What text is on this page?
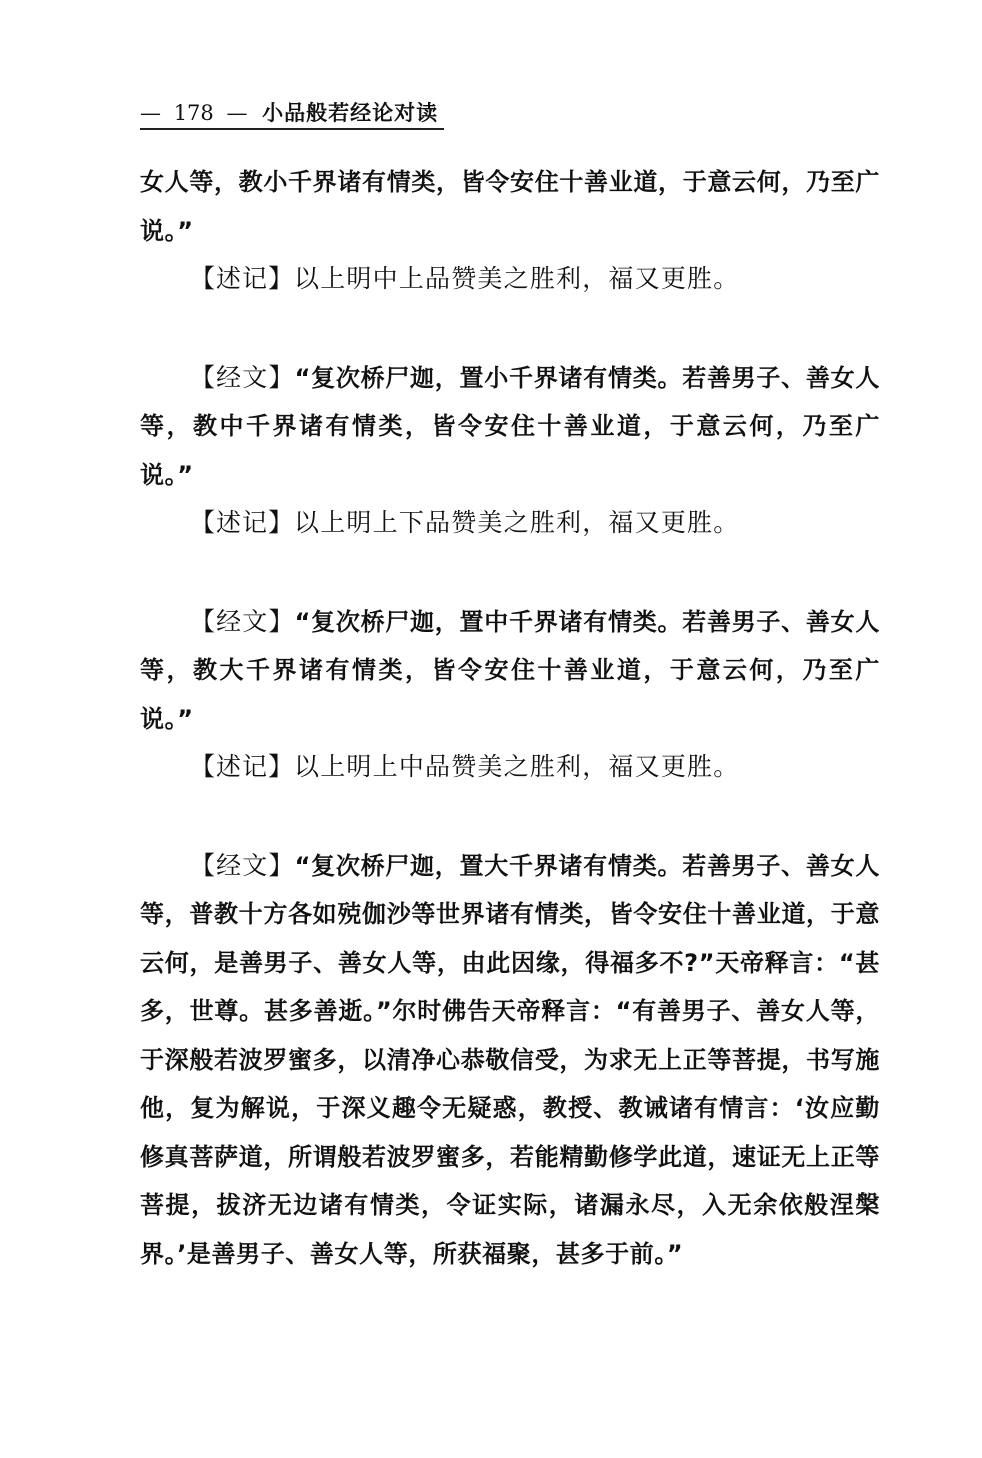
— 178 — 小品般若经论对读

女人等，教小千界诸有情类，皆令安住十善业道，于意云何，乃至广说。”

【述记】以上明中上品赞美之胜利，福又更胜。

【经文】“复次桥尸迦，置小千界诸有情类。若善男子、善女人等，教中千界诸有情类，皆令安住十善业道，于意云何，乃至广说。”

【述记】以上明上下品赞美之胜利，福又更胜。

【经文】“复次桥尸迦，置中千界诸有情类。若善男子、善女人等，教大千界诸有情类，皆令安住十善业道，于意云何，乃至广说。”

【述记】以上明上中品赞美之胜利，福又更胜。

【经文】“复次桥尸迦，置大千界诸有情类。若善男子、善女人等，普教十方各如殑伽沙等世界诸有情类，皆令安住十善业道，于意云何，是善男子、善女人等，由此因缘，得福多不?”天帝释言：“甚多，世尊。甚多善逝。”尔时佛告天帝释言：“有善男子、善女人等，于深般若波罗蜜多，以清净心恭敬信受，为求无上正等菩提，书写施他，复为解说，于深义趣令无疑惑，教授、教诫诸有情言：‘汝应勤修真菩萨道，所谓般若波罗蜜多，若能精勤修学此道，速证无上正等菩提，拔济无边诸有情类，令证实际，诸漏永尽，入无余依般涅槃界。’是善男子、善女人等，所获福聚，甚多于前。”
